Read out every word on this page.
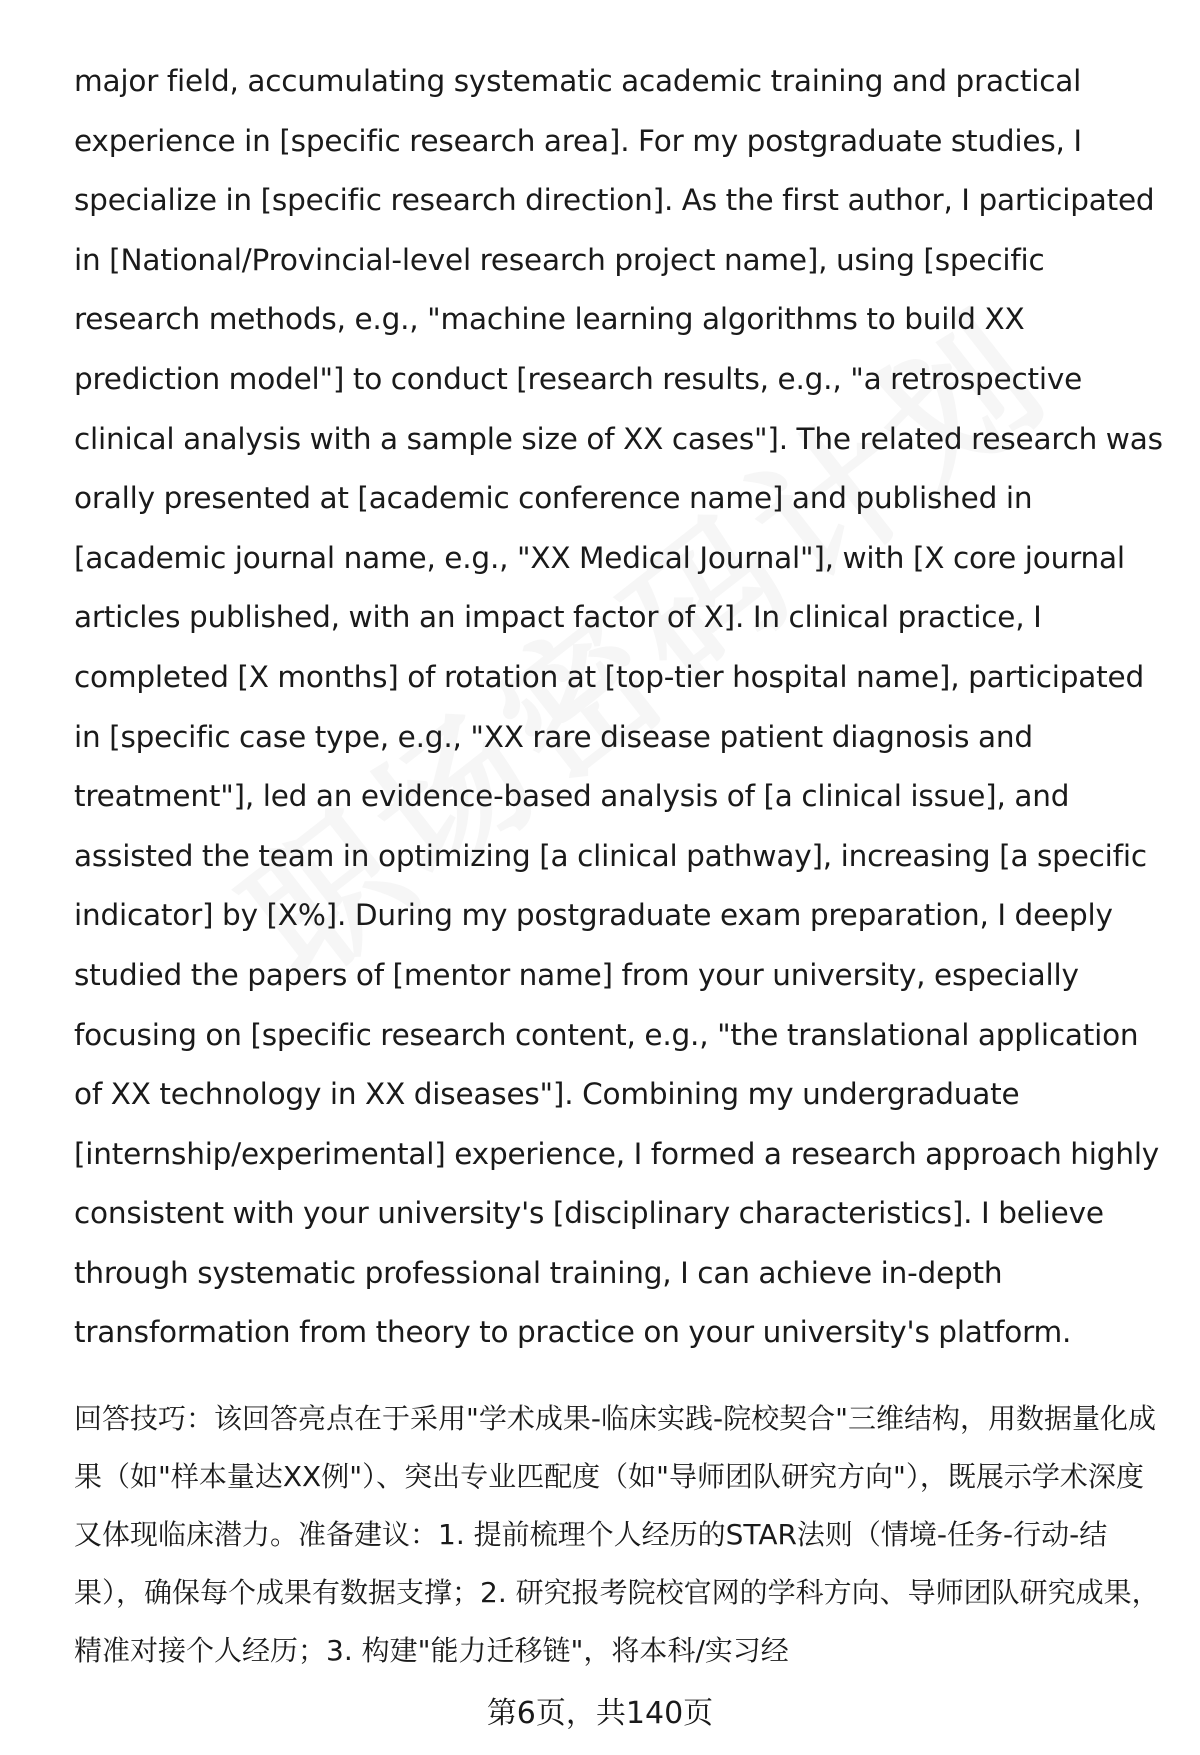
major field, accumulating systematic academic training and practical experience in [specific research area]. For my postgraduate studies, I specialize in [specific research direction]. As the first author, I participated in [National/Provincial-level research project name], using [specific research methods, e.g., "machine learning algorithms to build XX prediction model"] to conduct [research results, e.g., "a retrospective clinical analysis with a sample size of XX cases"]. The related research was orally presented at [academic conference name] and published in [academic journal name, e.g., "XX Medical Journal"], with [X core journal articles published, with an impact factor of X]. In clinical practice, I completed [X months] of rotation at [top-tier hospital name], participated in [specific case type, e.g., "XX rare disease patient diagnosis and treatment"], led an evidence-based analysis of [a clinical issue], and assisted the team in optimizing [a clinical pathway], increasing [a specific indicator] by [X%]. During my postgraduate exam preparation, I deeply studied the papers of [mentor name] from your university, especially focusing on [specific research content, e.g., "the translational application of XX technology in XX diseases"]. Combining my undergraduate [internship/experimental] experience, I formed a research approach highly consistent with your university's [disciplinary characteristics]. I believe through systematic professional training, I can achieve in-depth transformation from theory to practice on your university's platform.

回答技巧：该回答亮点在于采用"学术成果-临床实践-院校契合"三维结构，用数据量化成果（如"样本量达XX例"）、突出专业匹配度（如"导师团队研究方向"），既展示学术深度又体现临床潜力。准备建议：1. 提前梳理个人经历的STAR法则（情境-任务-行动-结果），确保每个成果有数据支撑；2. 研究报考院校官网的学科方向、导师团队研究成果，精准对接个人经历；3. 构建"能力迁移链"，将本科/实习经

第6页，共140页
